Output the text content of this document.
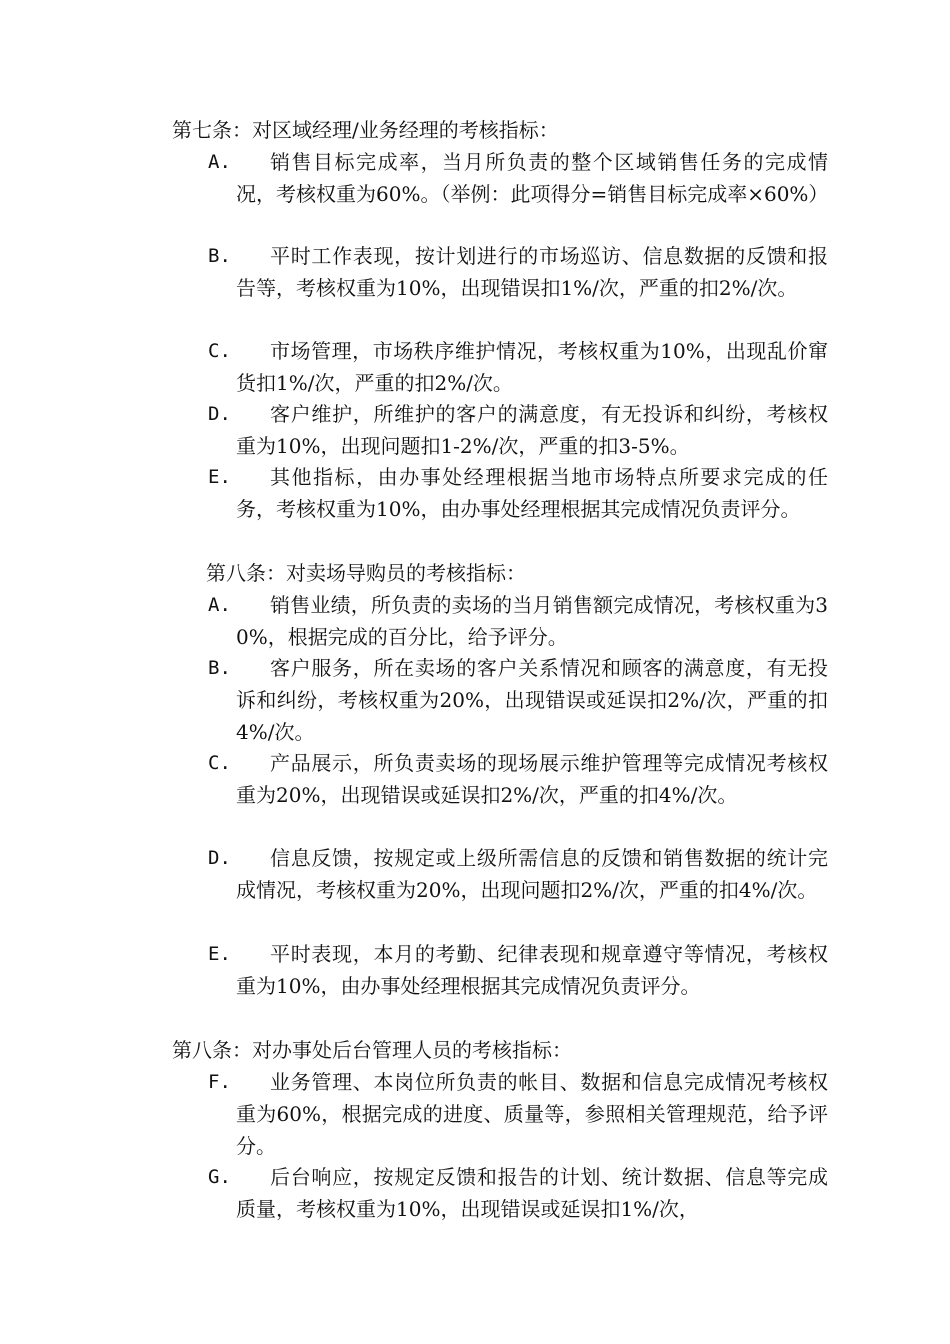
第七条：对区域经理/业务经理的考核指标：

A.	销售目标完成率，当月所负责的整个区域销售任务的完成情况，考核权重为60%。（举例：此项得分=销售目标完成率×60%）

B.	平时工作表现，按计划进行的市场巡访、信息数据的反馈和报告等，考核权重为10%，出现错误扣1%/次，严重的扣2%/次。

C.	市场管理，市场秩序维护情况，考核权重为10%，出现乱价窜货扣1%/次，严重的扣2%/次。

D.	客户维护，所维护的客户的满意度，有无投诉和纠纷，考核权重为10%，出现问题扣1-2%/次，严重的扣3-5%。

E.	其他指标，由办事处经理根据当地市场特点所要求完成的任务，考核权重为10%，由办事处经理根据其完成情况负责评分。

第八条：对卖场导购员的考核指标：

A.	销售业绩，所负责的卖场的当月销售额完成情况，考核权重为30%，根据完成的百分比，给予评分。

B.	客户服务，所在卖场的客户关系情况和顾客的满意度，有无投诉和纠纷，考核权重为20%，出现错误或延误扣2%/次，严重的扣4%/次。

C.	产品展示，所负责卖场的现场展示维护管理等完成情况考核权重为20%，出现错误或延误扣2%/次，严重的扣4%/次。

D.	信息反馈，按规定或上级所需信息的反馈和销售数据的统计完成情况，考核权重为20%，出现问题扣2%/次，严重的扣4%/次。

E.	平时表现，本月的考勤、纪律表现和规章遵守等情况，考核权重为10%，由办事处经理根据其完成情况负责评分。

第八条：对办事处后台管理人员的考核指标：

F.	业务管理、本岗位所负责的帐目、数据和信息完成情况考核权重为60%，根据完成的进度、质量等，参照相关管理规范，给予评分。

G.	后台响应，按规定反馈和报告的计划、统计数据、信息等完成质量，考核权重为10%，出现错误或延误扣1%/次，
